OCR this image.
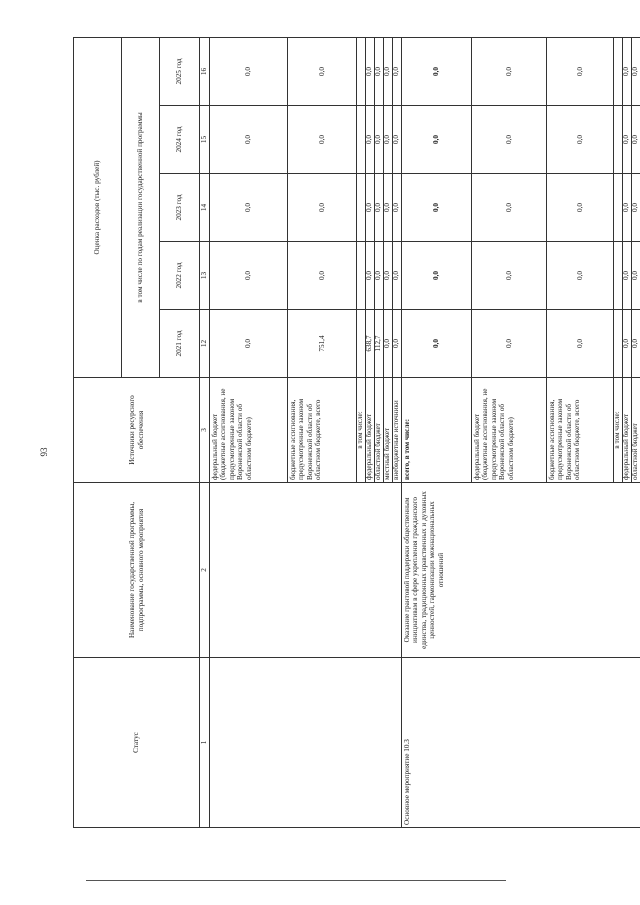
93
Статус	Наименование государственной программы, подпрограммы, основного мероприятия	Источники ресурсного обеспечения	Оценка расходов (тыс. рублей)				
			в том числе по годам реализации государственной программы				
			2021 год	2022 год	2023 год	2024 год	2025 год
1	2	3	12	13	14	15	16
		федеральный бюджет (бюджетные ассигнования, не предусмотренные законом Воронежской области об областном бюджете)	0,0	0,0	0,0	0,0	0,0
		бюджетные ассигнования, предусмотренные законом Воронежской области об областном бюджете, всего	751,4	0,0	0,0	0,0	0,0
		в том числе:					
		федеральный бюджет	638,7	0,0	0,0	0,0	0,0
		областной бюджет	112,7	0,0	0,0	0,0	0,0
		местный бюджет	0,0	0,0	0,0	0,0	0,0
		внебюджетные источники	0,0	0,0	0,0	0,0	0,0
Основное мероприятие 10.3	Оказание грантовой поддержки общественным инициативам в сфере укрепления гражданского единства, традиционных нравственных и духовных ценностей, гармонизации межнациональных отношений	всего, в том числе:	0,0	0,0	0,0	0,0	0,0
		федеральный бюджет (бюджетные ассигнования, не предусмотренные законом Воронежской области об областном бюджете)	0,0	0,0	0,0	0,0	0,0
		бюджетные ассигнования, предусмотренные законом Воронежской области об областном бюджете, всего	0,0	0,0	0,0	0,0	0,0
		в том числе:					
		федеральный бюджет	0,0	0,0	0,0	0,0	0,0
		областной бюджет	0,0	0,0	0,0	0,0	0,0
